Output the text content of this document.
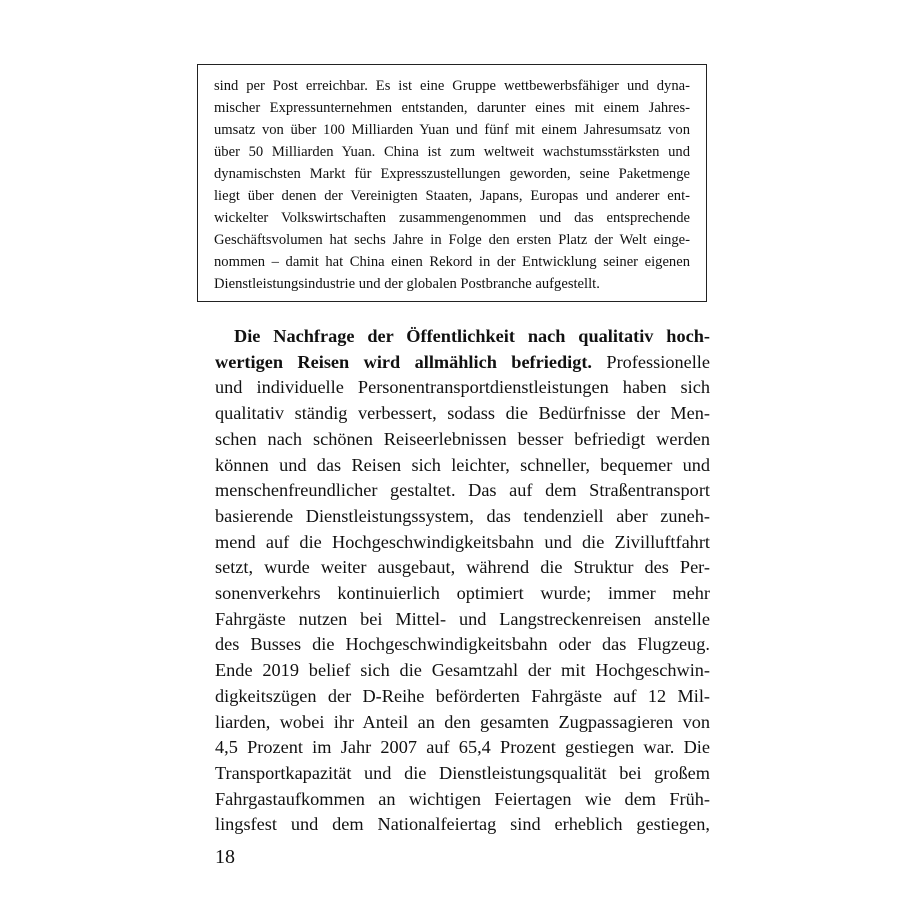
sind per Post erreichbar. Es ist eine Gruppe wettbewerbsfähiger und dyna-
mischer Expressunternehmen entstanden, darunter eines mit einem Jahres-
umsatz von über 100 Milliarden Yuan und fünf mit einem Jahresumsatz von
über 50 Milliarden Yuan. China ist zum weltweit wachstumsstärksten und
dynamischsten Markt für Expresszustellungen geworden, seine Paketmenge
liegt über denen der Vereinigten Staaten, Japans, Europas und anderer ent-
wickelter Volkswirtschaften zusammengenommen und das entsprechende
Geschäftsvolumen hat sechs Jahre in Folge den ersten Platz der Welt einge-
nommen – damit hat China einen Rekord in der Entwicklung seiner eigenen
Dienstleistungsindustrie und der globalen Postbranche aufgestellt.
Die Nachfrage der Öffentlichkeit nach qualitativ hoch-
wertigen Reisen wird allmählich befriedigt. Professionelle
und individuelle Personentransportdienstleistungen haben sich
qualitativ ständig verbessert, sodass die Bedürfnisse der Men-
schen nach schönen Reiseerlebnissen besser befriedigt werden
können und das Reisen sich leichter, schneller, bequemer und
menschenfreundlicher gestaltet. Das auf dem Straßentransport
basierende Dienstleistungssystem, das tendenziell aber zuneh-
mend auf die Hochgeschwindigkeitsbahn und die Zivilluftfahrt
setzt, wurde weiter ausgebaut, während die Struktur des Per-
sonenverkehrs kontinuierlich optimiert wurde; immer mehr
Fahrgäste nutzen bei Mittel- und Langstreckenreisen anstelle
des Busses die Hochgeschwindigkeitsbahn oder das Flugzeug.
Ende 2019 belief sich die Gesamtzahl der mit Hochgeschwin-
digkeitszügen der D-Reihe beförderten Fahrgäste auf 12 Mil-
liarden, wobei ihr Anteil an den gesamten Zugpassagieren von
4,5 Prozent im Jahr 2007 auf 65,4 Prozent gestiegen war. Die
Transportkapazität und die Dienstleistungsqualität bei großem
Fahrgastaufkommen an wichtigen Feiertagen wie dem Früh-
lingsfest und dem Nationalfeiertag sind erheblich gestiegen,
18
